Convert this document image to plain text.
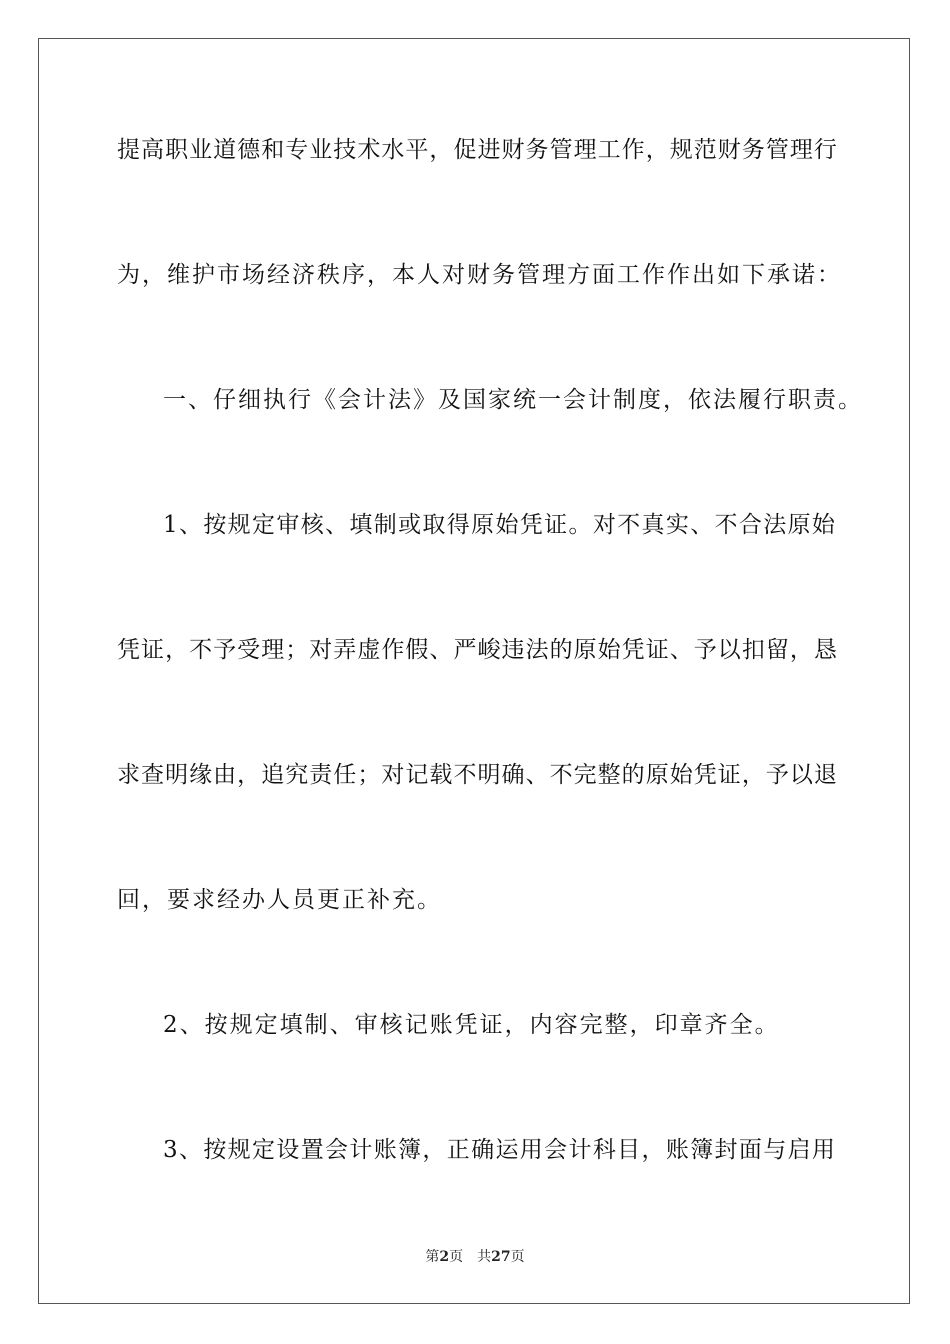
提 高 职 业 道 德 和 专 业 技 术 水 平 ， 促 进 财 务 管 理 工 作 ， 规 范 财 务 管 理 行
为，维护市场经济秩序，本人对财务管理方面工作作出如下承诺：
一、仔细执行《会计法》及国家统一会计制度，依法履行职责。
1 、 按 规 定 审 核 、 填 制 或 取 得 原 始 凭 证 。 对 不 真 实 、 不 合 法 原 始
凭 证 ， 不 予 受 理 ； 对 弄 虚 作 假 、 严 峻 违 法 的 原 始 凭 证 、 予 以 扣 留 ， 恳
求 查 明 缘 由 ， 追 究 责 任 ； 对 记 载 不 明 确 、 不 完 整 的 原 始 凭 证 ， 予 以 退
回，要求经办人员更正补充。
2、按规定填制、审核记账凭证，内容完整，印章齐全。
3 、 按 规 定 设 置 会 计 账 簿 ， 正 确 运 用 会 计 科 目 ， 账 簿 封 面 与 启 用
第2页 共27页
